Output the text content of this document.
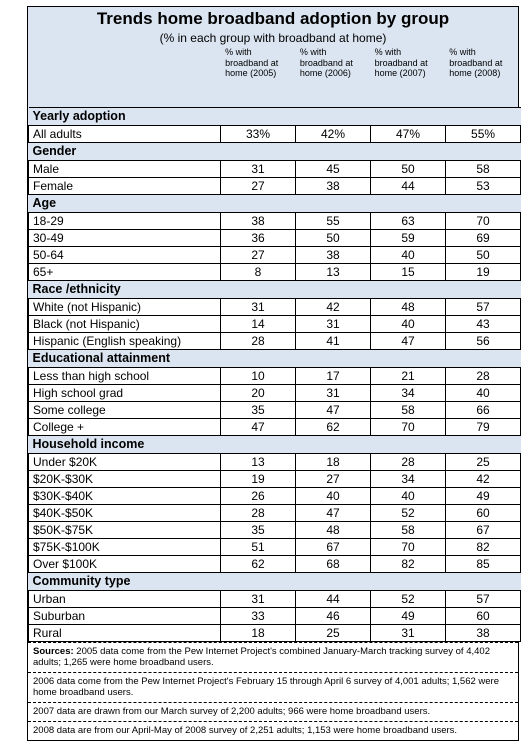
Trends home broadband adoption by group
(% in each group with broadband at home)
% with broadband at home (2005)
% with broadband at home (2006)
% with broadband at home (2007)
% with broadband at home (2008)
Yearly adoption				
All adults	33%	42%	47%	55%
Gender				
Male	31	45	50	58
Female	27	38	44	53
Age				
18-29	38	55	63	70
30-49	36	50	59	69
50-64	27	38	40	50
65+	8	13	15	19
Race /ethnicity				
White (not Hispanic)	31	42	48	57
Black (not Hispanic)	14	31	40	43
Hispanic (English speaking)	28	41	47	56
Educational attainment				
Less than high school	10	17	21	28
High school grad	20	31	34	40
Some college	35	47	58	66
College +	47	62	70	79
Household income				
Under $20K	13	18	28	25
$20K-$30K	19	27	34	42
$30K-$40K	26	40	40	49
$40K-$50K	28	47	52	60
$50K-$75K	35	48	58	67
$75K-$100K	51	67	70	82
Over $100K	62	68	82	85
Community type				
Urban	31	44	52	57
Suburban	33	46	49	60
Rural	18	25	31	38
Sources: 2005 data come from the Pew Internet Project's combined January-March tracking survey of 4,402 adults; 1,265 were home broadband users.
2006 data come from the Pew Internet Project's February 15 through April 6 survey of 4,001 adults; 1,562 were home broadband users.
2007 data are drawn from our March survey of 2,200 adults; 966 were home broadband users.
2008 data are from our April-May of 2008 survey of 2,251 adults; 1,153 were home broadband users.
